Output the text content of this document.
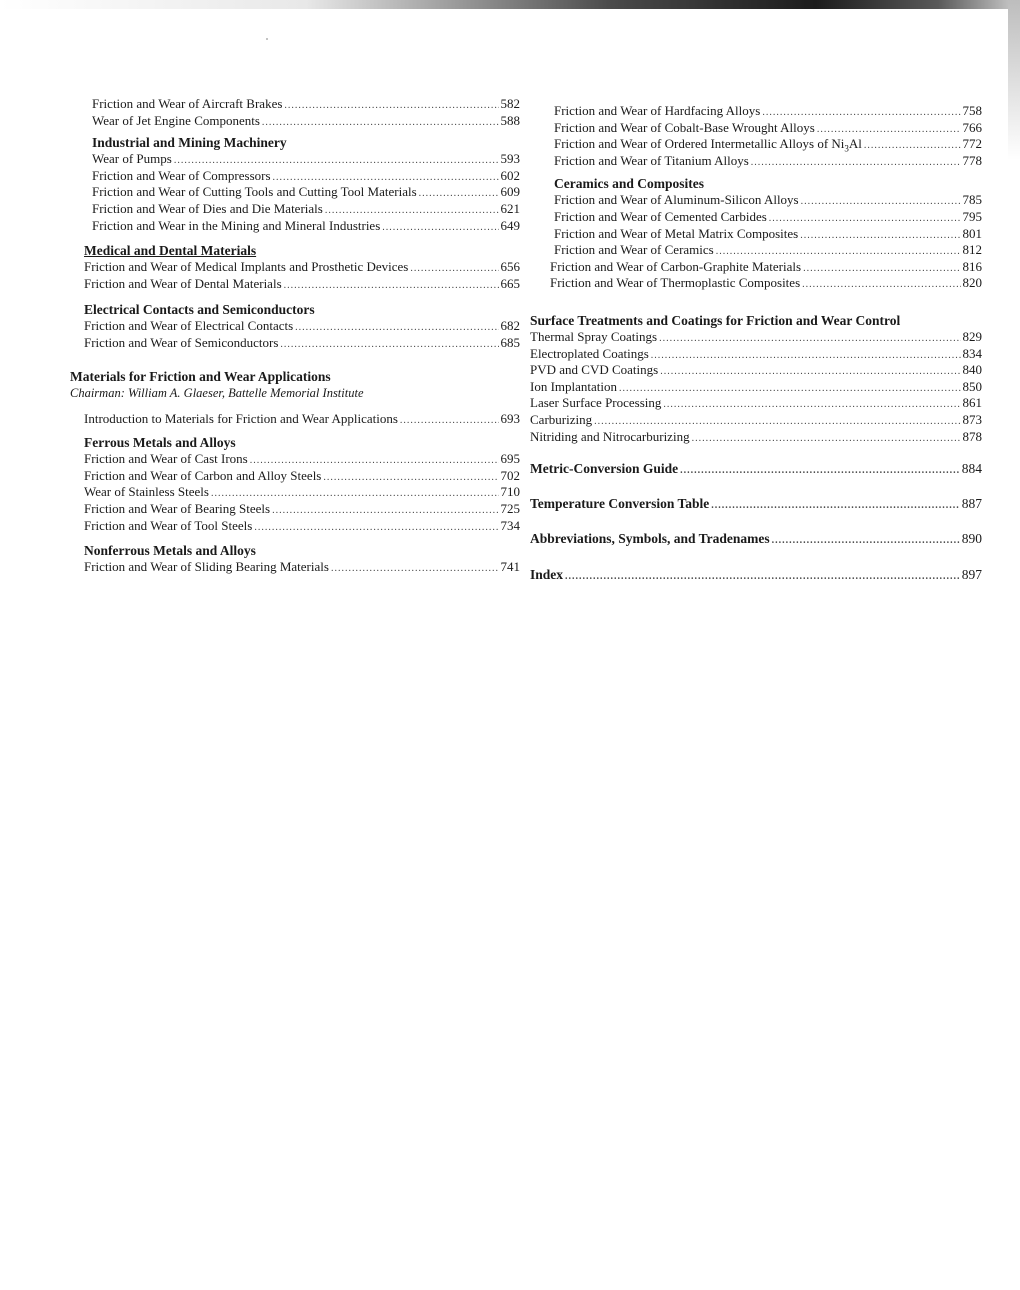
Friction and Wear of Aircraft Brakes .....	582
Wear of Jet Engine Components .....	588
Industrial and Mining Machinery
Wear of Pumps .....	593
Friction and Wear of Compressors .....	602
Friction and Wear of Cutting Tools and Cutting Tool Materials .....	609
Friction and Wear of Dies and Die Materials .....	621
Friction and Wear in the Mining and Mineral Industries .....	649
Medical and Dental Materials
Friction and Wear of Medical Implants and Prosthetic Devices .....	656
Friction and Wear of Dental Materials .....	665
Electrical Contacts and Semiconductors
Friction and Wear of Electrical Contacts .....	682
Friction and Wear of Semiconductors .....	685
Materials for Friction and Wear Applications
Chairman: William A. Glaeser, Battelle Memorial Institute
Introduction to Materials for Friction and Wear Applications .....	693
Ferrous Metals and Alloys
Friction and Wear of Cast Irons .....	695
Friction and Wear of Carbon and Alloy Steels .....	702
Wear of Stainless Steels .....	710
Friction and Wear of Bearing Steels .....	725
Friction and Wear of Tool Steels .....	734
Nonferrous Metals and Alloys
Friction and Wear of Sliding Bearing Materials .....	741
Friction and Wear of Hardfacing Alloys .....	758
Friction and Wear of Cobalt-Base Wrought Alloys .....	766
Friction and Wear of Ordered Intermetallic Alloys of $Ni_3Al$ .....	772
Friction and Wear of Titanium Alloys .....	778
Ceramics and Composites
Friction and Wear of Aluminum-Silicon Alloys .....	785
Friction and Wear of Cemented Carbides .....	795
Friction and Wear of Metal Matrix Composites .....	801
Friction and Wear of Ceramics .....	812
Friction and Wear of Carbon-Graphite Materials .....	816
Friction and Wear of Thermoplastic Composites .....	820
Surface Treatments and Coatings for Friction and Wear Control
Thermal Spray Coatings .....	829
Electroplated Coatings .....	834
PVD and CVD Coatings .....	840
Ion Implantation .....	850
Laser Surface Processing .....	861
Carburizing .....	873
Nitriding and Nitrocarburizing .....	878
Metric-Conversion Guide .....	884
Temperature Conversion Table .....	887
Abbreviations, Symbols, and Tradenames .....	890
Index .....	897
